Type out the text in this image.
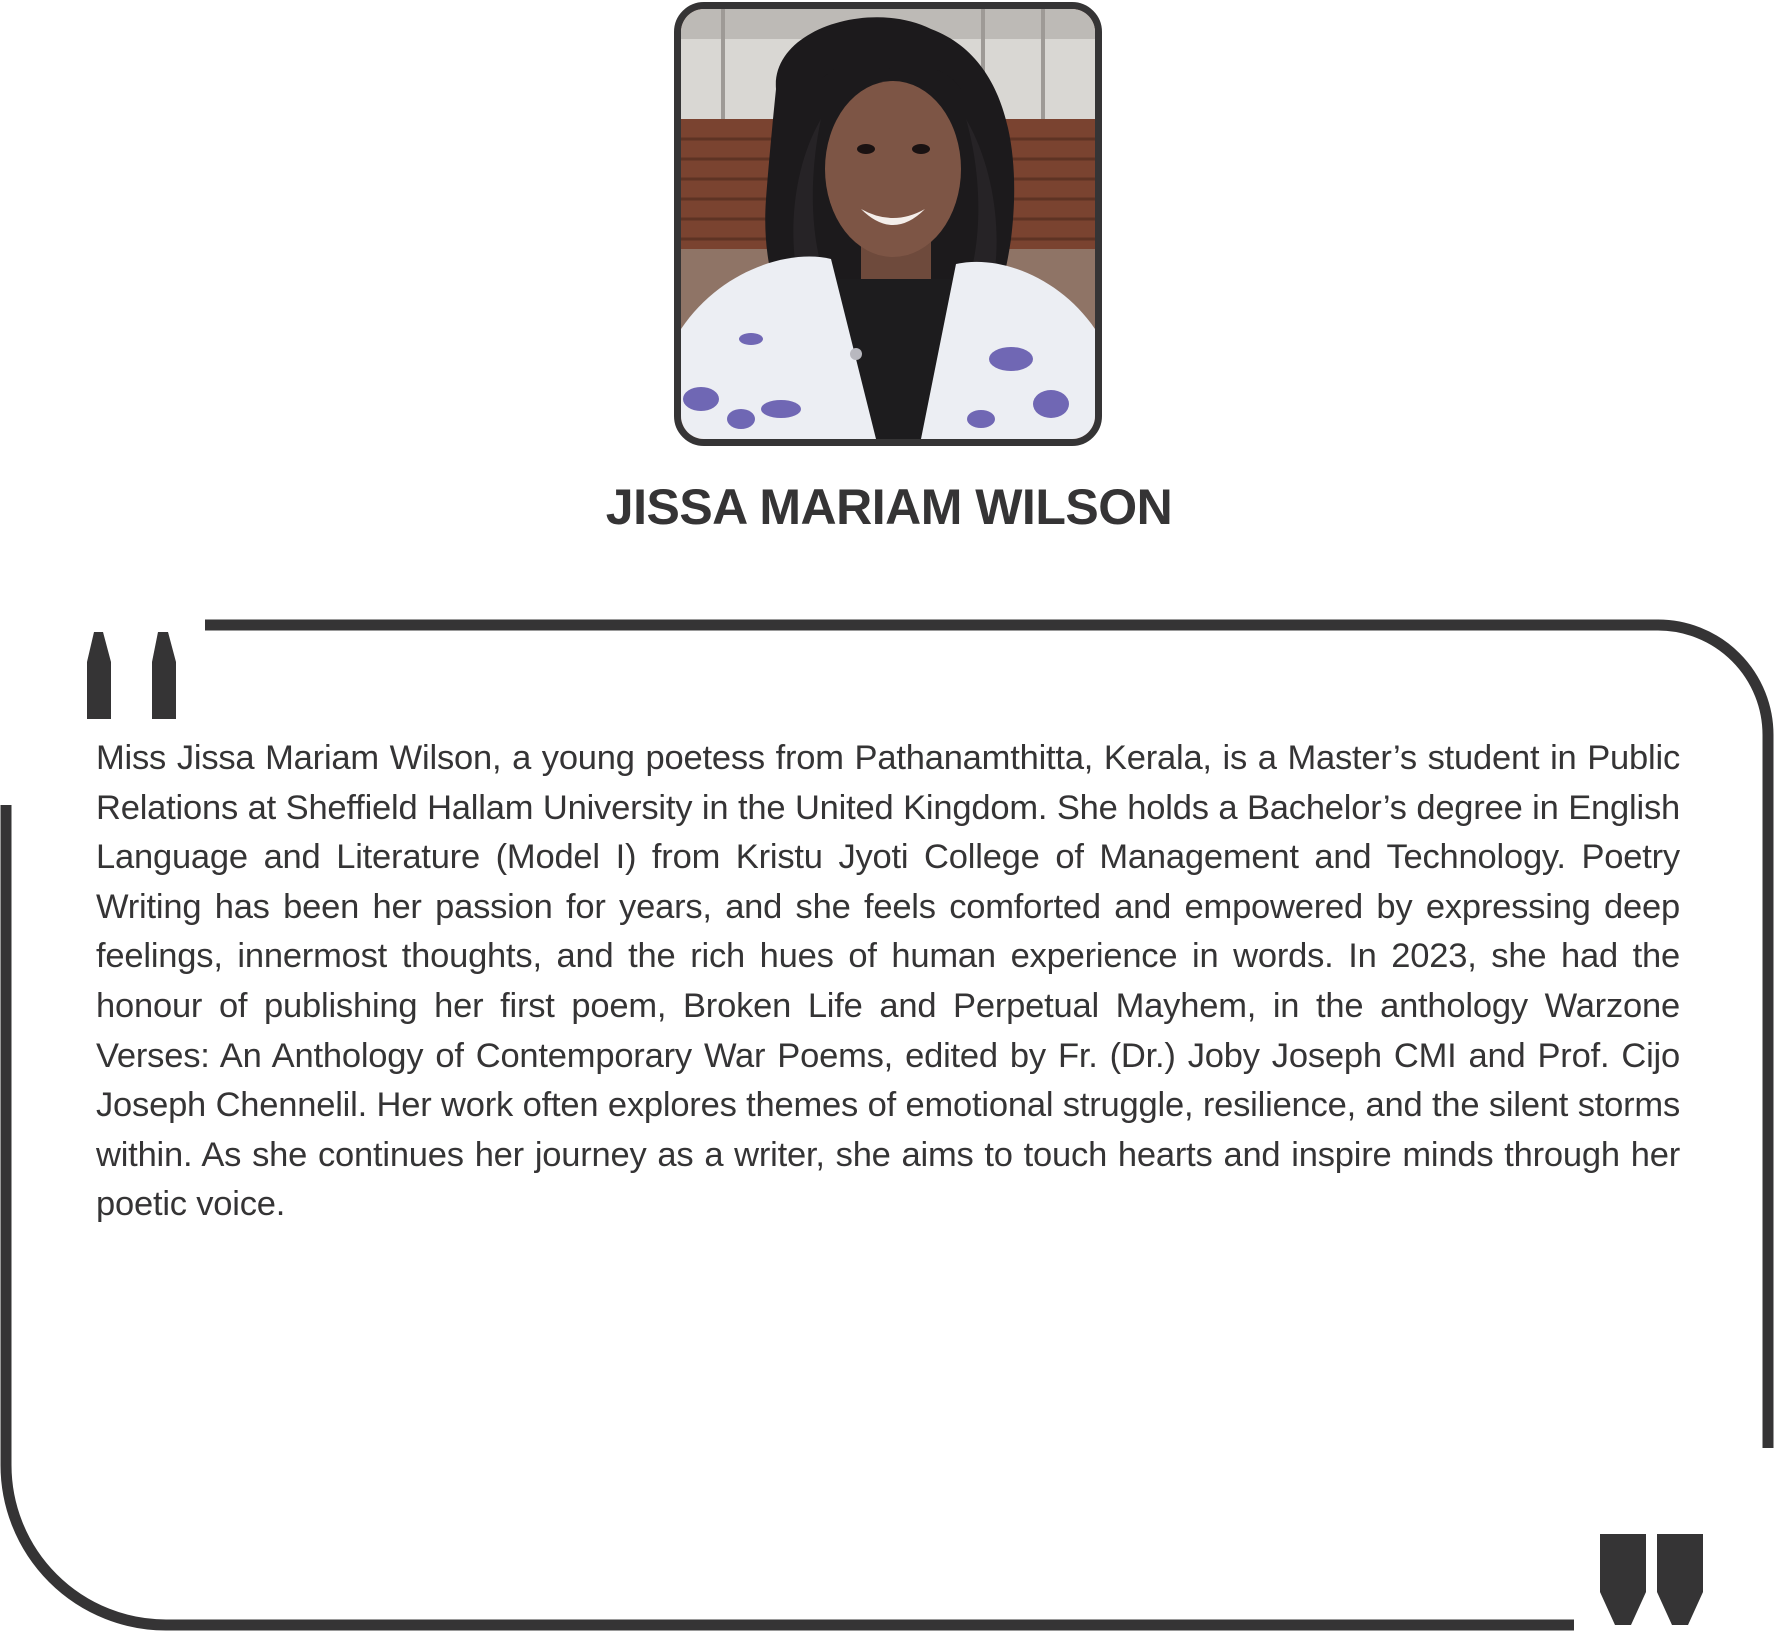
JISSA MARIAM WILSON

Miss Jissa Mariam Wilson, a young poetess from Pathanamthitta, Kerala, is a Master’s student in Public Relations at Sheffield Hallam University in the United Kingdom. She holds a Bachelor’s degree in English Language and Literature (Model I) from Kristu Jyoti College of Management and Technology. Poetry Writing has been her passion for years, and she feels comforted and empowered by expressing deep feelings, innermost thoughts, and the rich hues of human experience in words. In 2023, she had the honour of publishing her first poem, Broken Life and Perpetual Mayhem, in the anthology Warzone Verses: An Anthology of Contemporary War Poems, edited by Fr. (Dr.) Joby Joseph CMI and Prof. Cijo Joseph Chennelil. Her work often explores themes of emotional struggle, resilience, and the silent storms within. As she continues her journey as a writer, she aims to touch hearts and inspire minds through her poetic voice.
